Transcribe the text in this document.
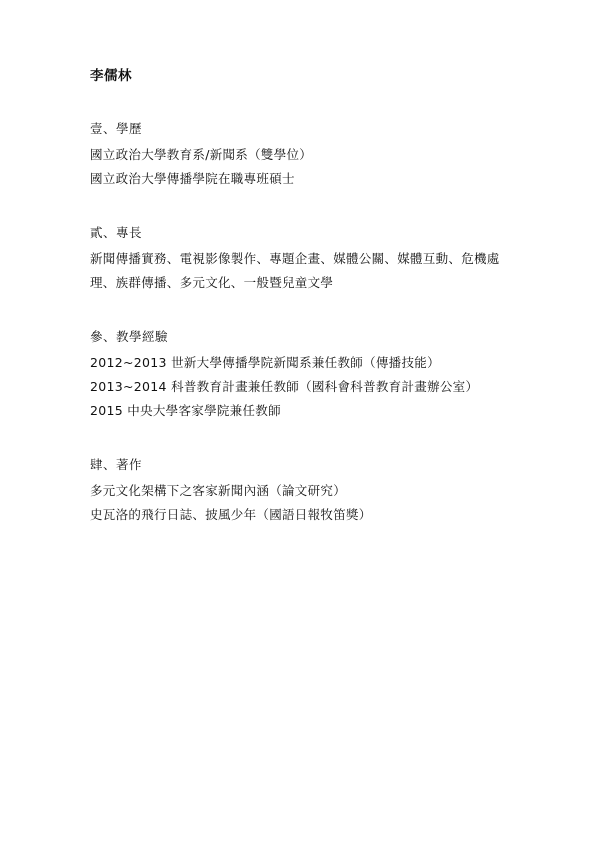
李儒林
壹、學歷
國立政治大學教育系/新聞系（雙學位）
國立政治大學傳播學院在職專班碩士
貳、專長
新聞傳播實務、電視影像製作、專題企畫、媒體公關、媒體互動、危機處
理、族群傳播、多元文化、一般暨兒童文學
參、教學經驗
2012~2013 世新大學傳播學院新聞系兼任教師（傳播技能）
2013~2014 科普教育計畫兼任教師（國科會科普教育計畫辦公室）
2015 中央大學客家學院兼任教師
肆、著作
多元文化架構下之客家新聞內涵（論文研究）
史瓦洛的飛行日誌、披風少年（國語日報牧笛獎）
